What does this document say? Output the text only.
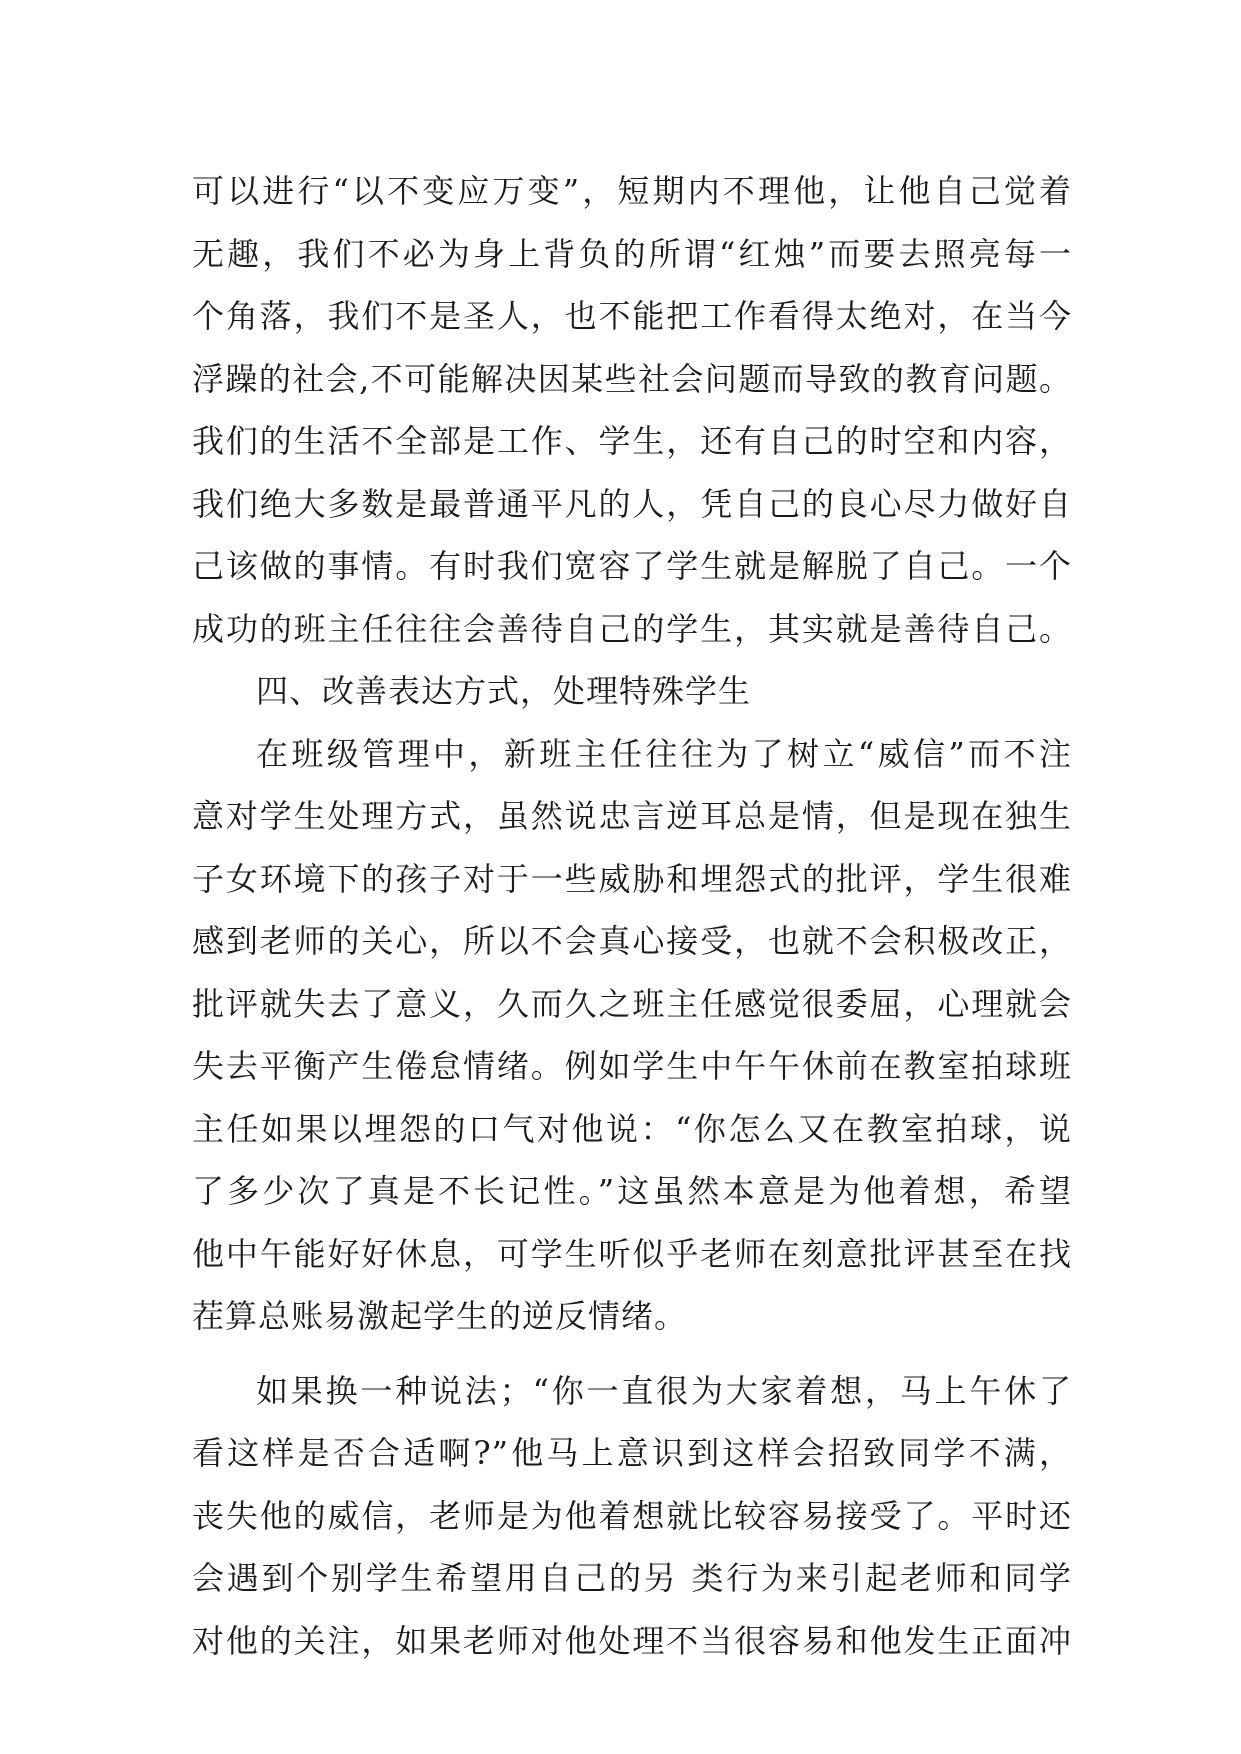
可以进行“以不变应万变”，短期内不理他，让他自己觉着
无趣，我们不必为身上背负的所谓“红烛”而要去照亮每一
个角落，我们不是圣人，也不能把工作看得太绝对，在当今
浮躁的社会,不可能解决因某些社会问题而导致的教育问题。
我们的生活不全部是工作、学生，还有自己的时空和内容，
我们绝大多数是最普通平凡的人，凭自己的良心尽力做好自
己该做的事情。有时我们宽容了学生就是解脱了自己。一个
成功的班主任往往会善待自己的学生，其实就是善待自己。
四、改善表达方式，处理特殊学生
在班级管理中，新班主任往往为了树立“威信”而不注
意对学生处理方式，虽然说忠言逆耳总是情，但是现在独生
子女环境下的孩子对于一些威胁和埋怨式的批评，学生很难
感到老师的关心，所以不会真心接受，也就不会积极改正，
批评就失去了意义，久而久之班主任感觉很委屈，心理就会
失去平衡产生倦怠情绪。例如学生中午午休前在教室拍球班
主任如果以埋怨的口气对他说：“你怎么又在教室拍球，说
了多少次了真是不长记性。”这虽然本意是为他着想，希望
他中午能好好休息，可学生听似乎老师在刻意批评甚至在找
茬算总账易激起学生的逆反情绪。
如果换一种说法；“你一直很为大家着想，马上午休了
看这样是否合适啊?”他马上意识到这样会招致同学不满，
丧失他的威信，老师是为他着想就比较容易接受了。平时还
会遇到个别学生希望用自己的另 类行为来引起老师和同学
对他的关注，如果老师对他处理不当很容易和他发生正面冲
